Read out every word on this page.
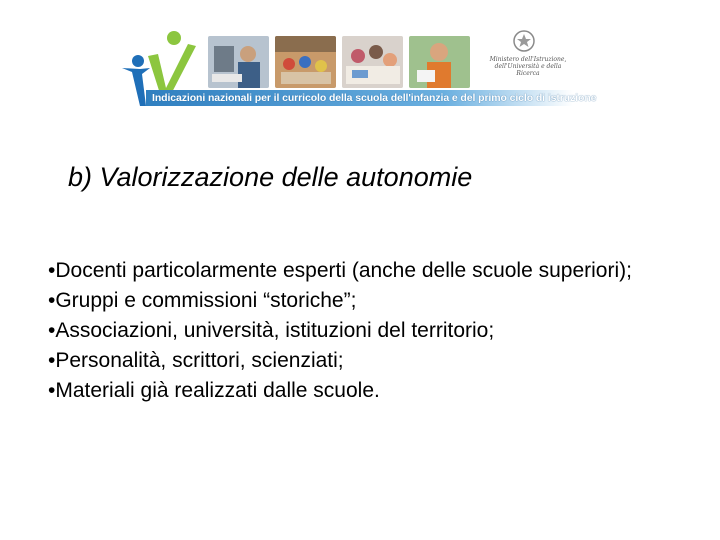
Ministero dell'Istruzione,
dell'Università e della Ricerca
Indicazioni nazionali per il curricolo della scuola dell'infanzia e del primo ciclo di istruzione
b) Valorizzazione delle autonomie
•Docenti particolarmente esperti (anche delle scuole superiori);
•Gruppi e commissioni “storiche”;
•Associazioni, università, istituzioni del territorio;
•Personalità, scrittori, scienziati;
•Materiali già realizzati dalle scuole.
